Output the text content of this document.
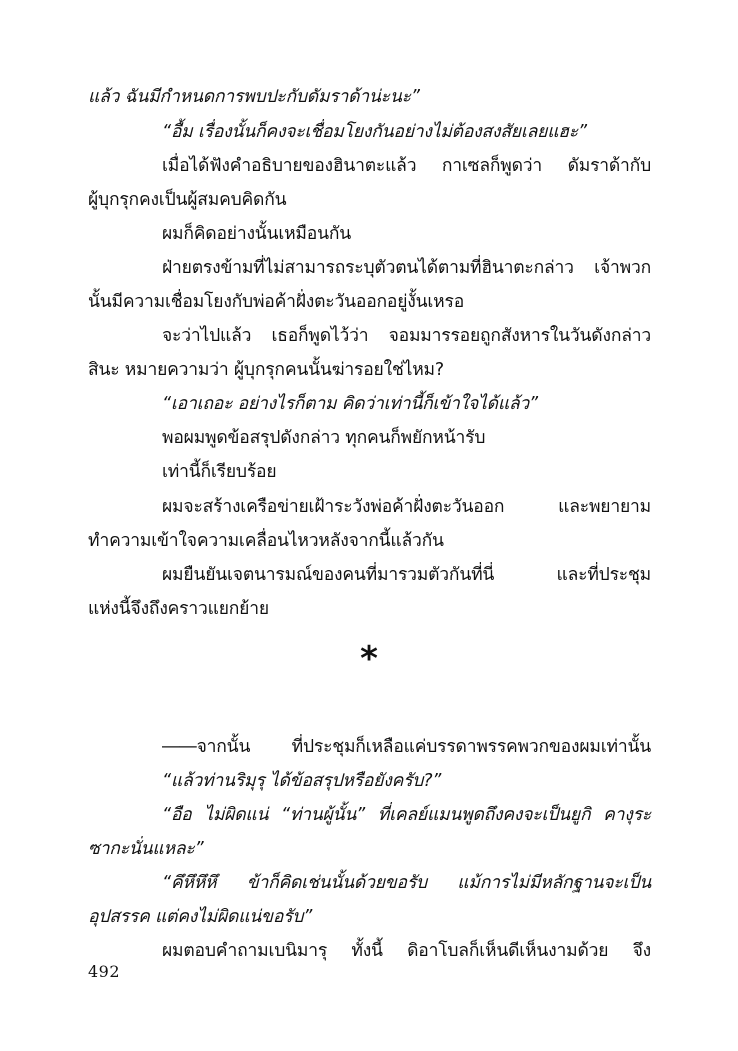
แล้ว ฉันมีกำหนดการพบปะกับดัมราด้าน่ะนะ”
“อื้ม เรื่องนั้นก็คงจะเชื่อมโยงกันอย่างไม่ต้องสงสัยเลยแฮะ”
เมื่อได้ฟังคำอธิบายของฮินาตะแล้ว กาเซลก็พูดว่า ดัมราด้ากับ
ผู้บุกรุกคงเป็นผู้สมคบคิดกัน
ผมก็คิดอย่างนั้นเหมือนกัน
ฝ่ายตรงข้ามที่ไม่สามารถระบุตัวตนได้ตามที่ฮินาตะกล่าว เจ้าพวก
นั้นมีความเชื่อมโยงกับพ่อค้าฝั่งตะวันออกอยู่งั้นเหรอ
จะว่าไปแล้ว เธอก็พูดไว้ว่า จอมมารรอยถูกสังหารในวันดังกล่าว
สินะ หมายความว่า ผู้บุกรุกคนนั้นฆ่ารอยใช่ไหม?
“เอาเถอะ อย่างไรก็ตาม คิดว่าเท่านี้ก็เข้าใจได้แล้ว”
พอผมพูดข้อสรุปดังกล่าว ทุกคนก็พยักหน้ารับ
เท่านี้ก็เรียบร้อย
ผมจะสร้างเครือข่ายเฝ้าระวังพ่อค้าฝั่งตะวันออก และพยายาม
ทำความเข้าใจความเคลื่อนไหวหลังจากนี้แล้วกัน
ผมยืนยันเจตนารมณ์ของคนที่มารวมตัวกันที่นี่ และที่ประชุม
แห่งนี้จึงถึงคราวแยกย้าย
*
――จากนั้น ที่ประชุมก็เหลือแค่บรรดาพรรคพวกของผมเท่านั้น
“แล้วท่านริมุรุ ได้ข้อสรุปหรือยังครับ?”
“อือ ไม่ผิดแน่ “ท่านผู้นั้น” ที่เคลย์แมนพูดถึงคงจะเป็นยูกิ คางุระ
ซากะนั่นแหละ”
“คึหึหึหึ ข้าก็คิดเช่นนั้นด้วยขอรับ แม้การไม่มีหลักฐานจะเป็น
อุปสรรค แต่คงไม่ผิดแน่ขอรับ”
ผมตอบคำถามเบนิมารุ ทั้งนี้ ดิอาโบลก็เห็นดีเห็นงามด้วย จึง
492
